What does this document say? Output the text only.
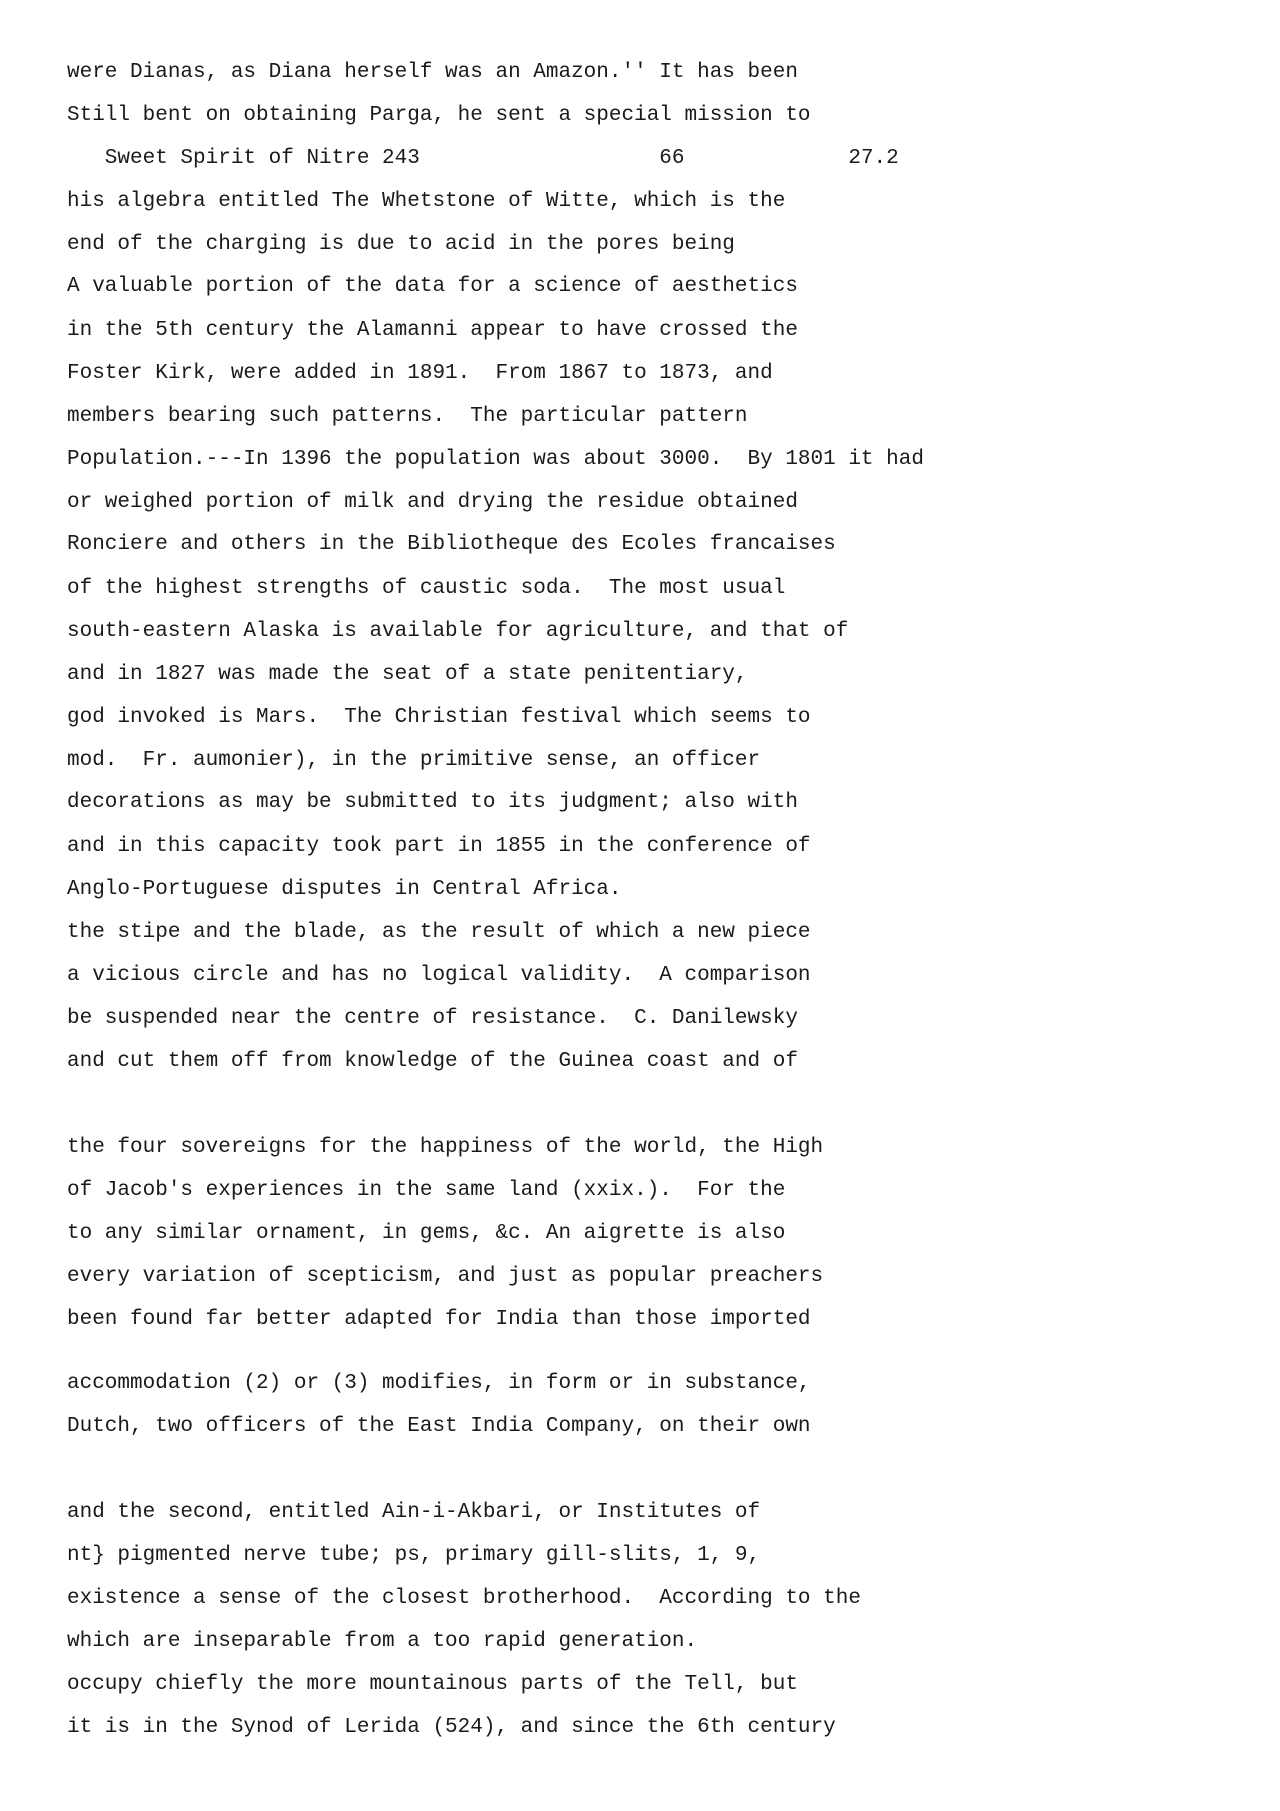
were Dianas, as Diana herself was an Amazon.'' It has been
Still bent on obtaining Parga, he sent a special mission to
Sweet Spirit of Nitre 243                   66             27.2
his algebra entitled The Whetstone of Witte, which is the
end of the charging is due to acid in the pores being
A valuable portion of the data for a science of aesthetics
in the 5th century the Alamanni appear to have crossed the
Foster Kirk, were added in 1891.  From 1867 to 1873, and
members bearing such patterns.  The particular pattern
Population.---In 1396 the population was about 3000.  By 1801 it had
or weighed portion of milk and drying the residue obtained
Ronciere and others in the Bibliotheque des Ecoles francaises
of the highest strengths of caustic soda.  The most usual
south-eastern Alaska is available for agriculture, and that of
and in 1827 was made the seat of a state penitentiary,
god invoked is Mars.  The Christian festival which seems to
mod.  Fr. aumonier), in the primitive sense, an officer
decorations as may be submitted to its judgment; also with
and in this capacity took part in 1855 in the conference of
Anglo-Portuguese disputes in Central Africa.
the stipe and the blade, as the result of which a new piece
a vicious circle and has no logical validity.  A comparison
be suspended near the centre of resistance.  C. Danilewsky
and cut them off from knowledge of the Guinea coast and of
the four sovereigns for the happiness of the world, the High
of Jacob's experiences in the same land (xxix.).  For the
to any similar ornament, in gems, &c. An aigrette is also
every variation of scepticism, and just as popular preachers
been found far better adapted for India than those imported
accommodation (2) or (3) modifies, in form or in substance,
Dutch, two officers of the East India Company, on their own
and the second, entitled Ain-i-Akbari, or Institutes of
nt} pigmented nerve tube; ps, primary gill-slits, 1, 9,
existence a sense of the closest brotherhood.  According to the
which are inseparable from a too rapid generation.
occupy chiefly the more mountainous parts of the Tell, but
it is in the Synod of Lerida (524), and since the 6th century
